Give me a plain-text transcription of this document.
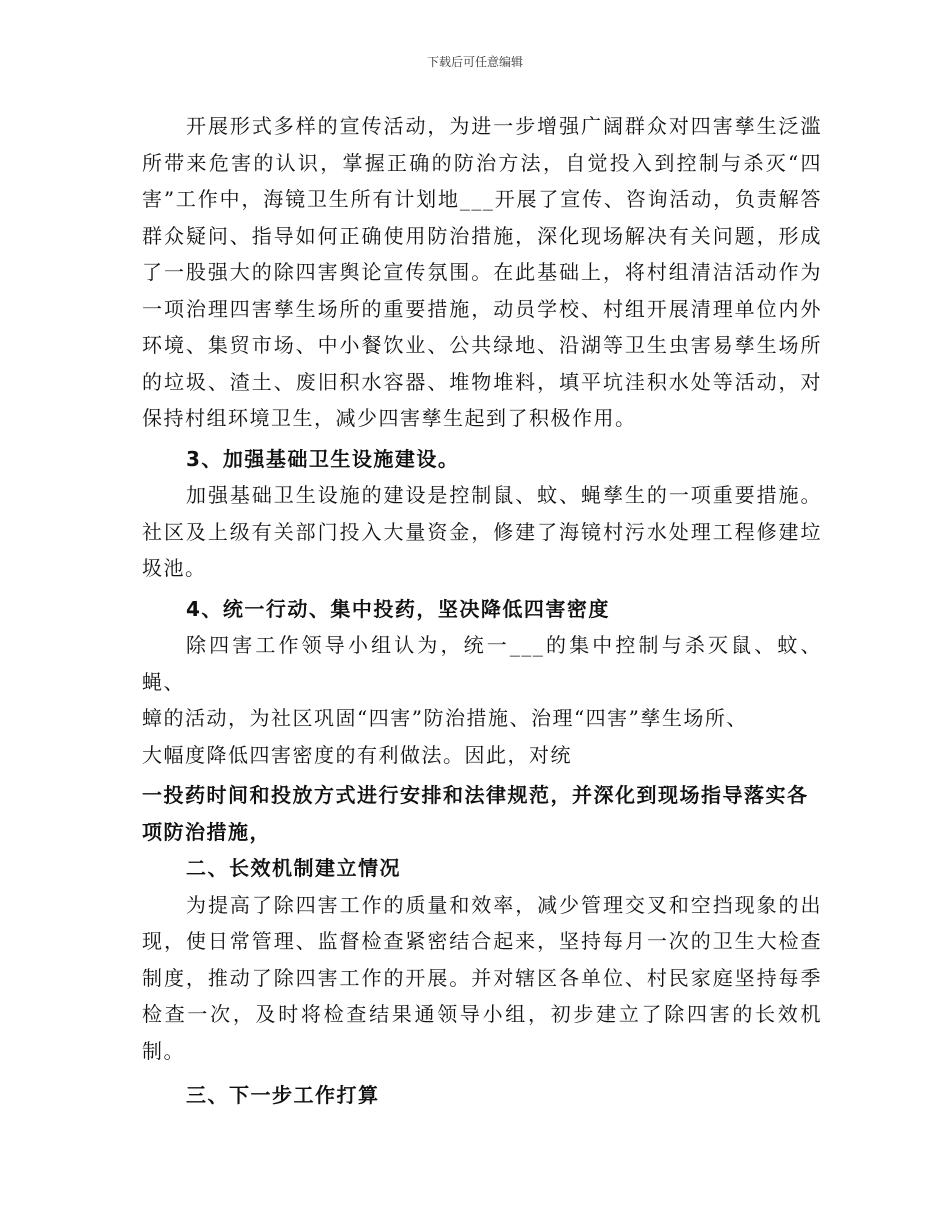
下载后可任意编辑

开展形式多样的宣传活动，为进一步增强广阔群众对四害孳生泛滥所带来危害的认识，掌握正确的防治方法，自觉投入到控制与杀灭“四害”工作中，海镜卫生所有计划地___开展了宣传、咨询活动，负责解答群众疑问、指导如何正确使用防治措施，深化现场解决有关问题，形成了一股强大的除四害舆论宣传氛围。在此基础上，将村组清洁活动作为一项治理四害孳生场所的重要措施，动员学校、村组开展清理单位内外环境、集贸市场、中小餐饮业、公共绿地、沿湖等卫生虫害易孳生场所的垃圾、渣土、废旧积水容器、堆物堆料，填平坑洼积水处等活动，对保持村组环境卫生，减少四害孳生起到了积极作用。

3、加强基础卫生设施建设。

加强基础卫生设施的建设是控制鼠、蚊、蝇孳生的一项重要措施。社区及上级有关部门投入大量资金，修建了海镜村污水处理工程修建垃圾池。

4、统一行动、集中投药，坚决降低四害密度

除四害工作领导小组认为，统一___的集中控制与杀灭鼠、蚊、蝇、

蟑的活动，为社区巩固“四害”防治措施、治理“四害”孳生场所、

大幅度降低四害密度的有利做法。因此，对统

一投药时间和投放方式进行安排和法律规范，并深化到现场指导落实各项防治措施，

二、长效机制建立情况

为提高了除四害工作的质量和效率，减少管理交叉和空挡现象的出现，使日常管理、监督检查紧密结合起来，坚持每月一次的卫生大检查制度，推动了除四害工作的开展。并对辖区各单位、村民家庭坚持每季检查一次，及时将检查结果通领导小组，初步建立了除四害的长效机制。

三、下一步工作打算
